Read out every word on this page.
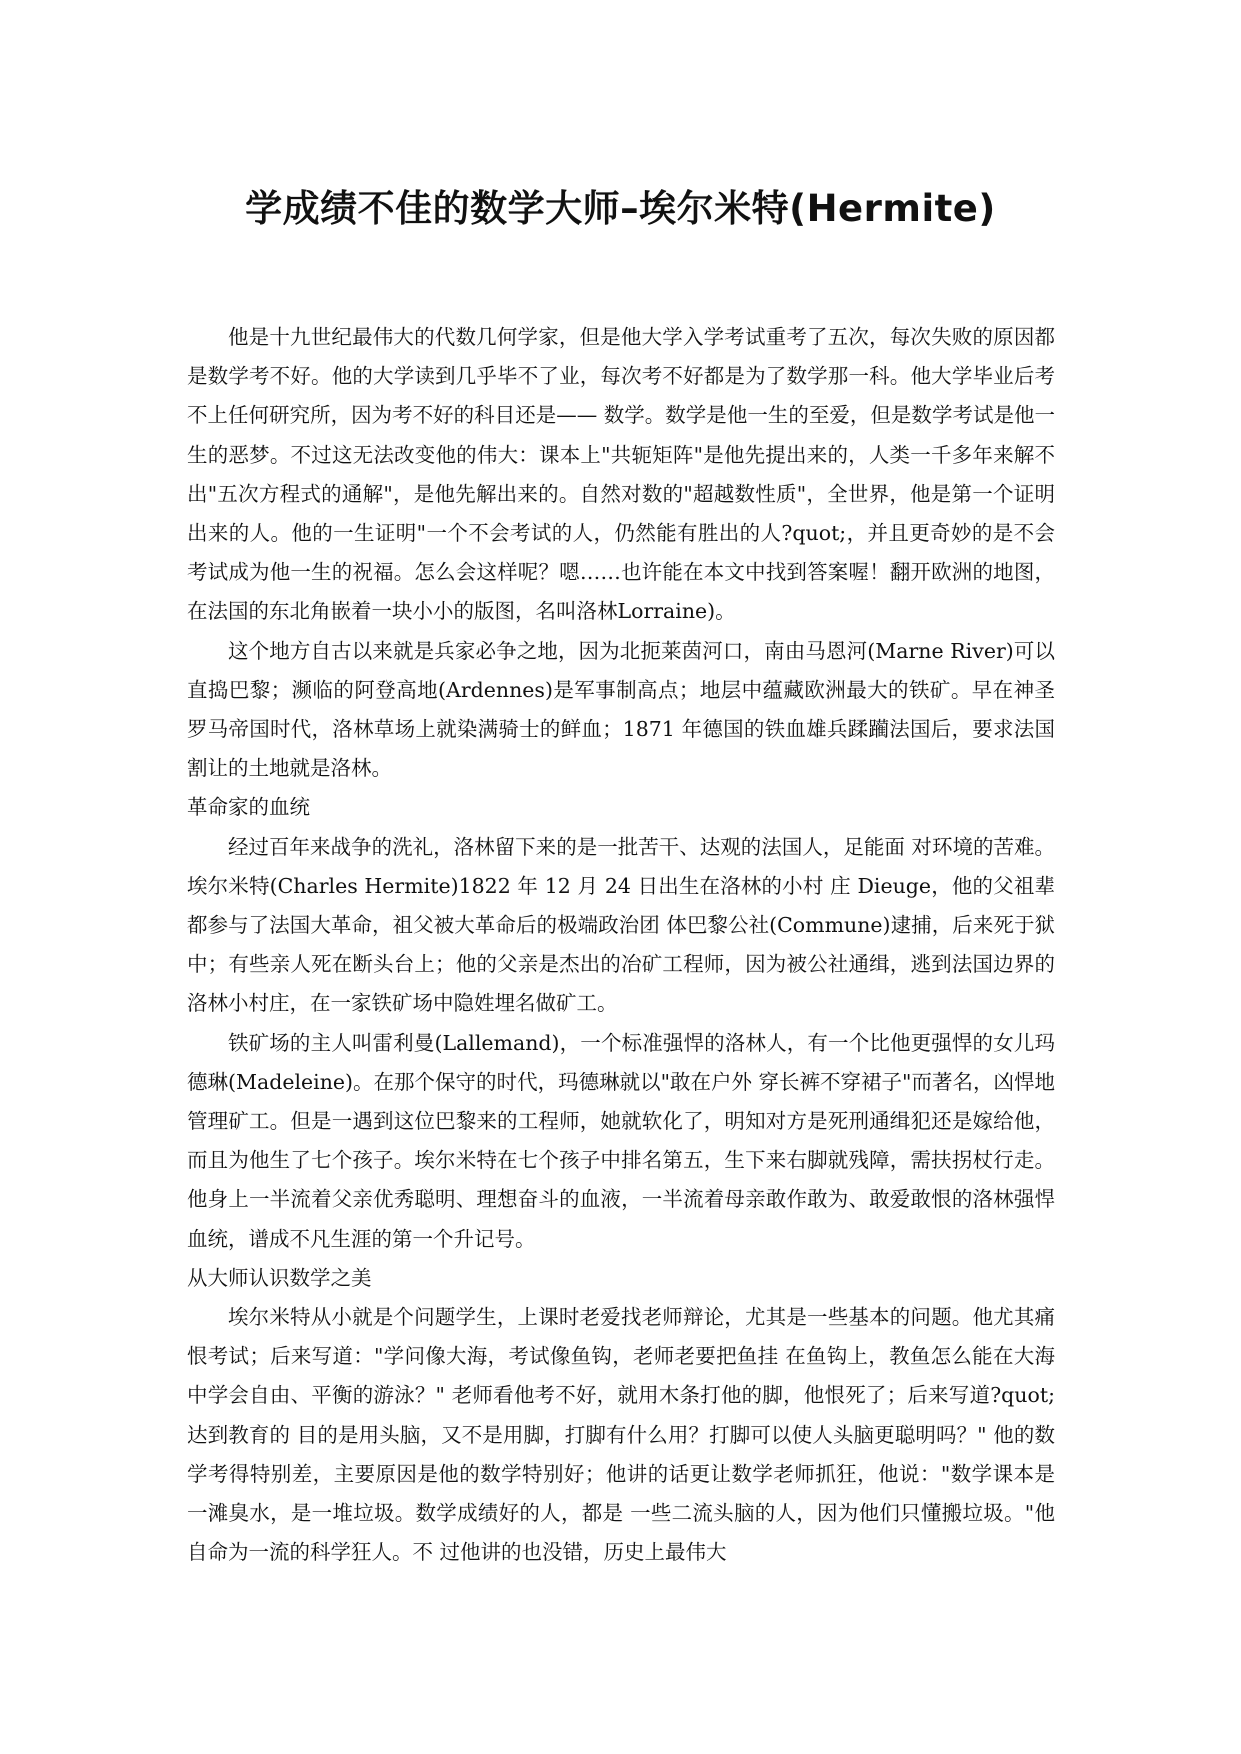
学成绩不佳的数学大师–埃尔米特(Hermite)

他是十九世纪最伟大的代数几何学家，但是他大学入学考试重考了五次，每次失败的原因都是数学考不好。他的大学读到几乎毕不了业，每次考不好都是为了数学那一科。他大学毕业后考不上任何研究所，因为考不好的科目还是—— 数学。数学是他一生的至爱，但是数学考试是他一生的恶梦。不过这无法改变他的伟大：课本上"共轭矩阵"是他先提出来的，人类一千多年来解不出"五次方程式的通解"，是他先解出来的。自然对数的"超越数性质"，全世界，他是第一个证明出来的人。他的一生证明"一个不会考试的人，仍然能有胜出的人?quot;，并且更奇妙的是不会考试成为他一生的祝福。怎么会这样呢？嗯……也许能在本文中找到答案喔！翻开欧洲的地图，在法国的东北角嵌着一块小小的版图，名叫洛林Lorraine)。

这个地方自古以来就是兵家必争之地，因为北扼莱茵河口，南由马恩河(Marne River)可以直捣巴黎；濒临的阿登高地(Ardennes)是军事制高点；地层中蕴藏欧洲最大的铁矿。早在神圣罗马帝国时代，洛林草场上就染满骑士的鲜血；1871 年德国的铁血雄兵蹂躏法国后，要求法国割让的土地就是洛林。

革命家的血统

经过百年来战争的洗礼，洛林留下来的是一批苦干、达观的法国人，足能面 对环境的苦难。埃尔米特(Charles Hermite)1822 年 12 月 24 日出生在洛林的小村 庄 Dieuge，他的父祖辈都参与了法国大革命，祖父被大革命后的极端政治团 体巴黎公社(Commune)逮捕，后来死于狱中；有些亲人死在断头台上；他的父亲是杰出的冶矿工程师，因为被公社通缉，逃到法国边界的洛林小村庄，在一家铁矿场中隐姓埋名做矿工。

铁矿场的主人叫雷利曼(Lallemand)，一个标准强悍的洛林人，有一个比他更强悍的女儿玛德琳(Madeleine)。在那个保守的时代，玛德琳就以"敢在户外 穿长裤不穿裙子"而著名，凶悍地管理矿工。但是一遇到这位巴黎来的工程师，她就软化了，明知对方是死刑通缉犯还是嫁给他，而且为他生了七个孩子。埃尔米特在七个孩子中排名第五，生下来右脚就残障，需扶拐杖行走。他身上一半流着父亲优秀聪明、理想奋斗的血液，一半流着母亲敢作敢为、敢爱敢恨的洛林强悍血统，谱成不凡生涯的第一个升记号。

从大师认识数学之美

埃尔米特从小就是个问题学生，上课时老爱找老师辩论，尤其是一些基本的问题。他尤其痛恨考试；后来写道："学问像大海，考试像鱼钩，老师老要把鱼挂 在鱼钩上，教鱼怎么能在大海中学会自由、平衡的游泳？" 老师看他考不好，就用木条打他的脚，他恨死了；后来写道?quot;达到教育的 目的是用头脑，又不是用脚，打脚有什么用？打脚可以使人头脑更聪明吗？" 他的数学考得特别差，主要原因是他的数学特别好；他讲的话更让数学老师抓狂，他说："数学课本是一滩臭水，是一堆垃圾。数学成绩好的人，都是 一些二流头脑的人，因为他们只懂搬垃圾。"他自命为一流的科学狂人。不 过他讲的也没错，历史上最伟大
